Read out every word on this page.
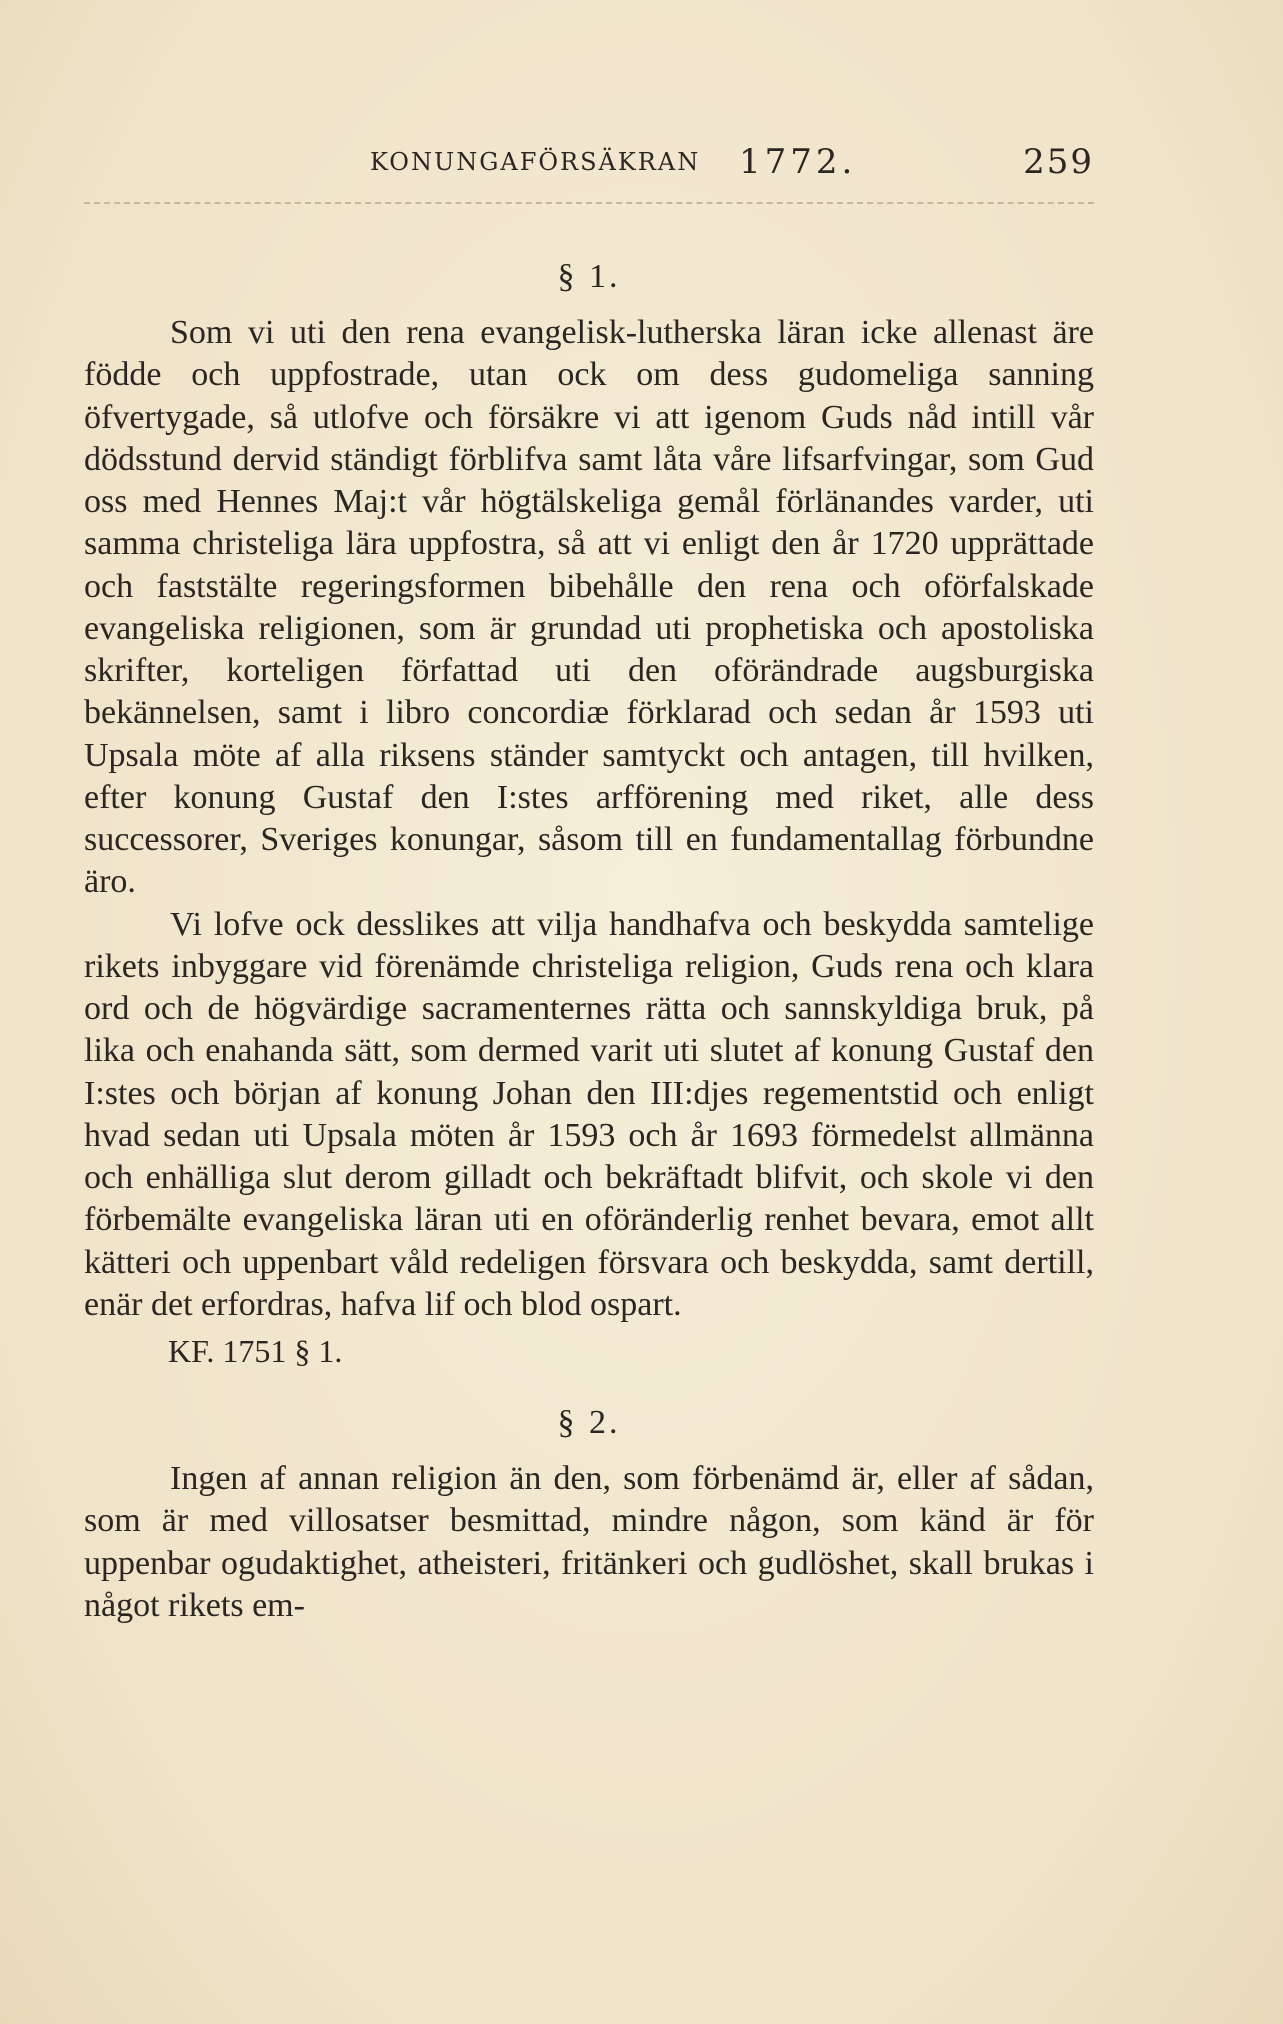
KONUNGAFÖRSÄKRAN 1772.	259
§ 1.

Som vi uti den rena evangelisk-lutherska läran icke allenast äre födde och uppfostrade, utan ock om dess gudomeliga sanning öfvertygade, så utlofve och försäkre vi att igenom Guds nåd intill vår dödsstund dervid ständigt förblifva samt låta våre lifsarfvingar, som Gud oss med Hennes Maj:t vår högtälskeliga gemål förlänandes varder, uti samma christeliga lära uppfostra, så att vi enligt den år 1720 upprättade och faststälte regeringsformen bibehålle den rena och oförfalskade evangeliska religionen, som är grundad uti prophetiska och apostoliska skrifter, korteligen författad uti den oförändrade augsburgiska bekännelsen, samt i libro concordiæ förklarad och sedan år 1593 uti Upsala möte af alla riksens ständer samtyckt och antagen, till hvilken, efter konung Gustaf den I:stes arfförening med riket, alle dess successorer, Sveriges konungar, såsom till en fundamentallag förbundne äro.

Vi lofve ock desslikes att vilja handhafva och beskydda samtelige rikets inbyggare vid förenämde christeliga religion, Guds rena och klara ord och de högvärdige sacramenternes rätta och sannskyldiga bruk, på lika och enahanda sätt, som dermed varit uti slutet af konung Gustaf den I:stes och början af konung Johan den III:djes regementstid och enligt hvad sedan uti Upsala möten år 1593 och år 1693 förmedelst allmänna och enhälliga slut derom gilladt och bekräftadt blifvit, och skole vi den förbemälte evangeliska läran uti en oföränderlig renhet bevara, emot allt kätteri och uppenbart våld redeligen försvara och beskydda, samt dertill, enär det erfordras, hafva lif och blod ospart.

KF. 1751 § 1.
§ 2.

Ingen af annan religion än den, som förbenämd är, eller af sådan, som är med villosatser besmittad, mindre någon, som känd är för uppenbar ogudaktighet, atheisteri, fritänkeri och gudlöshet, skall brukas i något rikets em-
